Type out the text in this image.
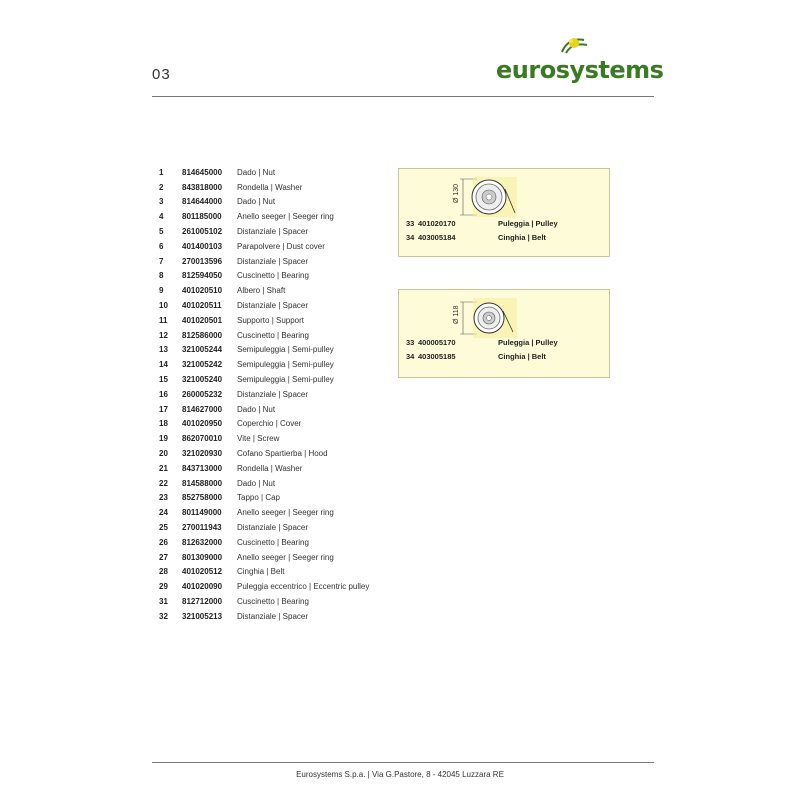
03	eurosystems
1	814645000	Dado | Nut
2	843818000	Rondella | Washer
3	814644000	Dado | Nut
4	801185000	Anello seeger | Seeger ring
5	261005102	Distanziale | Spacer
6	401400103	Parapolvere | Dust cover
7	270013596	Distanziale | Spacer
8	812594050	Cuscinetto | Bearing
9	401020510	Albero | Shaft
10	401020511	Distanziale | Spacer
11	401020501	Supporto | Support
12	812586000	Cuscinetto | Bearing
13	321005244	Semipuleggia | Semi-pulley
14	321005242	Semipuleggia | Semi-pulley
15	321005240	Semipuleggia | Semi-pulley
16	260005232	Distanziale | Spacer
17	814627000	Dado | Nut
18	401020950	Coperchio | Cover
19	862070010	Vite | Screw
20	321020930	Cofano Spartierba | Hood
21	843713000	Rondella | Washer
22	814588000	Dado | Nut
23	852758000	Tappo | Cap
24	801149000	Anello seeger | Seeger ring
25	270011943	Distanziale | Spacer
26	812632000	Cuscinetto | Bearing
27	801309000	Anello seeger | Seeger ring
28	401020512	Cinghia | Belt
29	401020090	Puleggia eccentrico | Eccentric pulley
31	812712000	Cuscinetto | Bearing
32	321005213	Distanziale | Spacer
Ø 130
33 401020170	Puleggia | Pulley
34 403005184	Cinghia | Belt
Ø 118
33 400005170	Puleggia | Pulley
34 403005185	Cinghia | Belt
Eurosystems S.p.a. | Via G.Pastore, 8 - 42045 Luzzara RE
